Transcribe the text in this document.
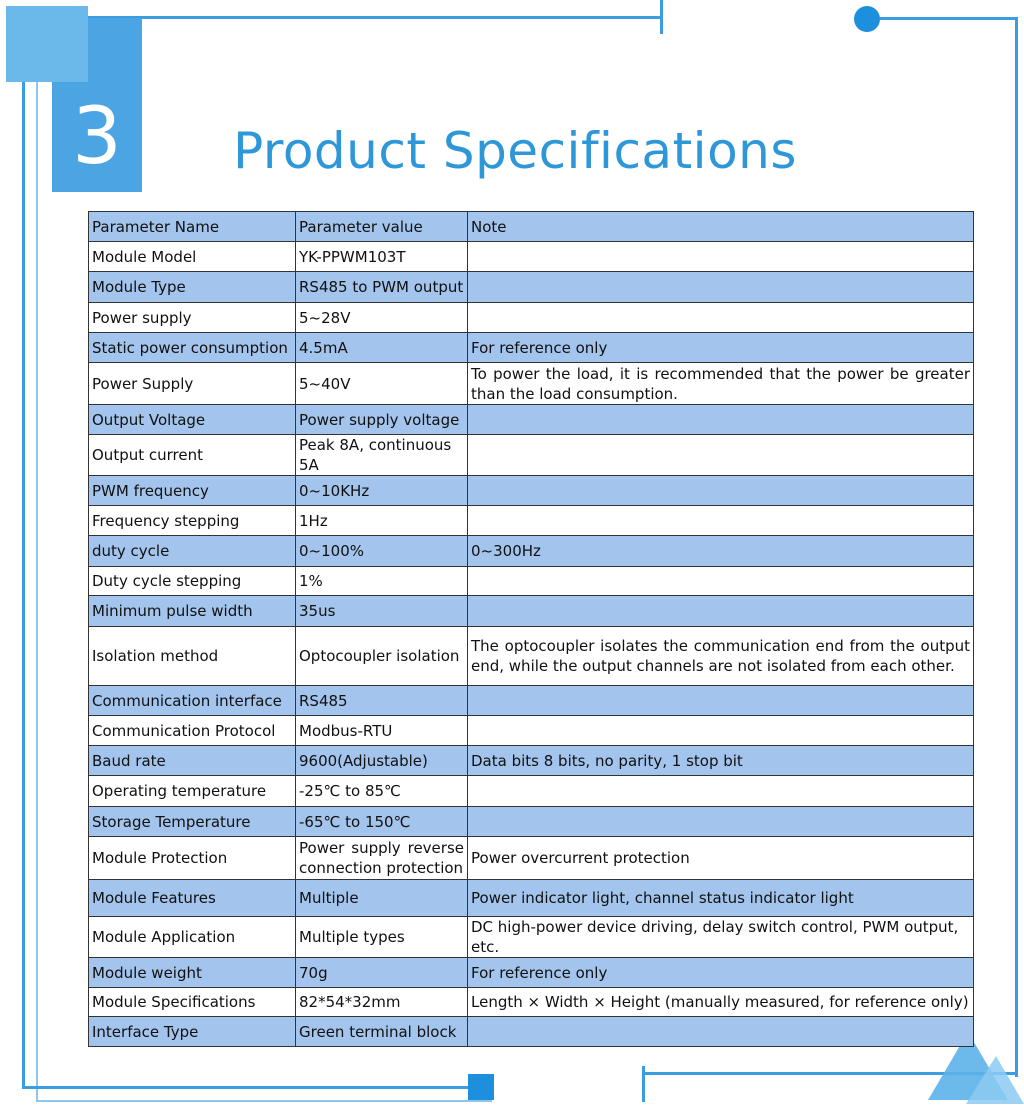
3	Product Specifications
Parameter Name	Parameter value	Note
Module Model	YK-PPWM103T	
Module Type	RS485 to PWM output	
Power supply	5~28V	
Static power consumption	4.5mA	For reference only
Power Supply	5~40V	To power the load, it is recommended that the power be greater than the load consumption.
Output Voltage	Power supply voltage	
Output current	Peak 8A, continuous 5A	
PWM frequency	0~10KHz	
Frequency stepping	1Hz	
duty cycle	0~100%	0~300Hz
Duty cycle stepping	1%	
Minimum pulse width	35us	
Isolation method	Optocoupler isolation	The optocoupler isolates the communication end from the output end, while the output channels are not isolated from each other.
Communication interface	RS485	
Communication Protocol	Modbus-RTU	
Baud rate	9600(Adjustable)	Data bits 8 bits, no parity, 1 stop bit
Operating temperature	-25℃ to 85℃	
Storage Temperature	-65℃ to 150℃	
Module Protection	Power supply reverse connection protection	Power overcurrent protection
Module Features	Multiple	Power indicator light, channel status indicator light
Module Application	Multiple types	DC high-power device driving, delay switch control, PWM output, etc.
Module weight	70g	For reference only
Module Specifications	82*54*32mm	Length × Width × Height (manually measured, for reference only)
Interface Type	Green terminal block	
